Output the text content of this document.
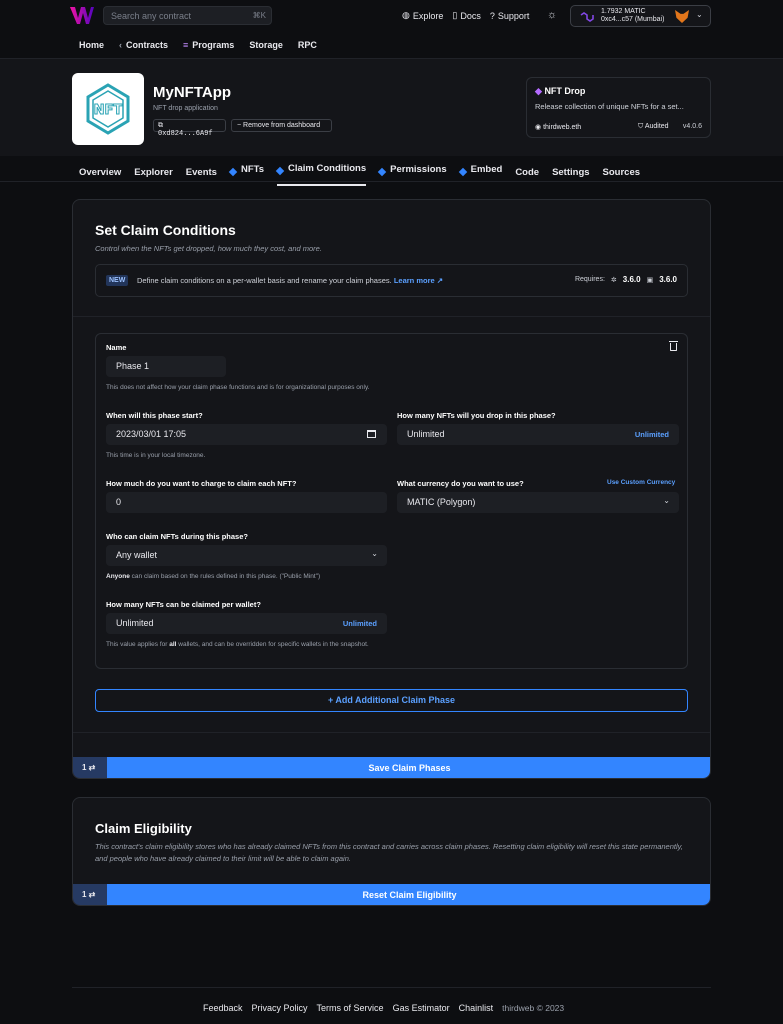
Search any contract	⌘K	◍ Explore ▯ Docs ? Support ☼	1.7932 MATIC
0xc4...c57 (Mumbai)
⌄
Home ‹ Contracts ≡ Programs Storage RPC
NFT
MyNFTApp
NFT drop application
⧉ 0xd824...6A9f
− Remove from dashboard
◆ NFT Drop
Release collection of unique NFTs for a set...
◉ thirdweb.eth	⛉ Audited v4.0.6
Overview Explorer Events	NFTs	Claim Conditions	Permissions	Embed Code Settings Sources
Set Claim Conditions
Control when the NFTs get dropped, how much they cost, and more.
NEW	Define claim conditions on a per-wallet basis and rename your claim phases. Learn more ↗	Requires: ✲ 3.6.0 ▣ 3.6.0
Name
Phase 1
This does not affect how your claim phase functions and is for organizational purposes only.
When will this phase start?
2023/03/01 17:05
This time is in your local timezone.
How many NFTs will you drop in this phase?
Unlimited	Unlimited
How much do you want to charge to claim each NFT?
0
What currency do you want to use?	Use Custom Currency
MATIC (Polygon)	⌄
Who can claim NFTs during this phase?
Any wallet	⌄
Anyone can claim based on the rules defined in this phase. ("Public Mint")
How many NFTs can be claimed per wallet?
Unlimited	Unlimited
This value applies for all wallets, and can be overridden for specific wallets in the snapshot.
+ Add Additional Claim Phase
1 ⇄	Save Claim Phases
Claim Eligibility
This contract's claim eligibility stores who has already claimed NFTs from this contract and carries across claim phases. Resetting claim eligibility will reset this state permanently, and people who have already claimed to their limit will be able to claim again.
1 ⇄	Reset Claim Eligibility
Feedback Privacy Policy Terms of Service Gas Estimator Chainlist thirdweb © 2023
